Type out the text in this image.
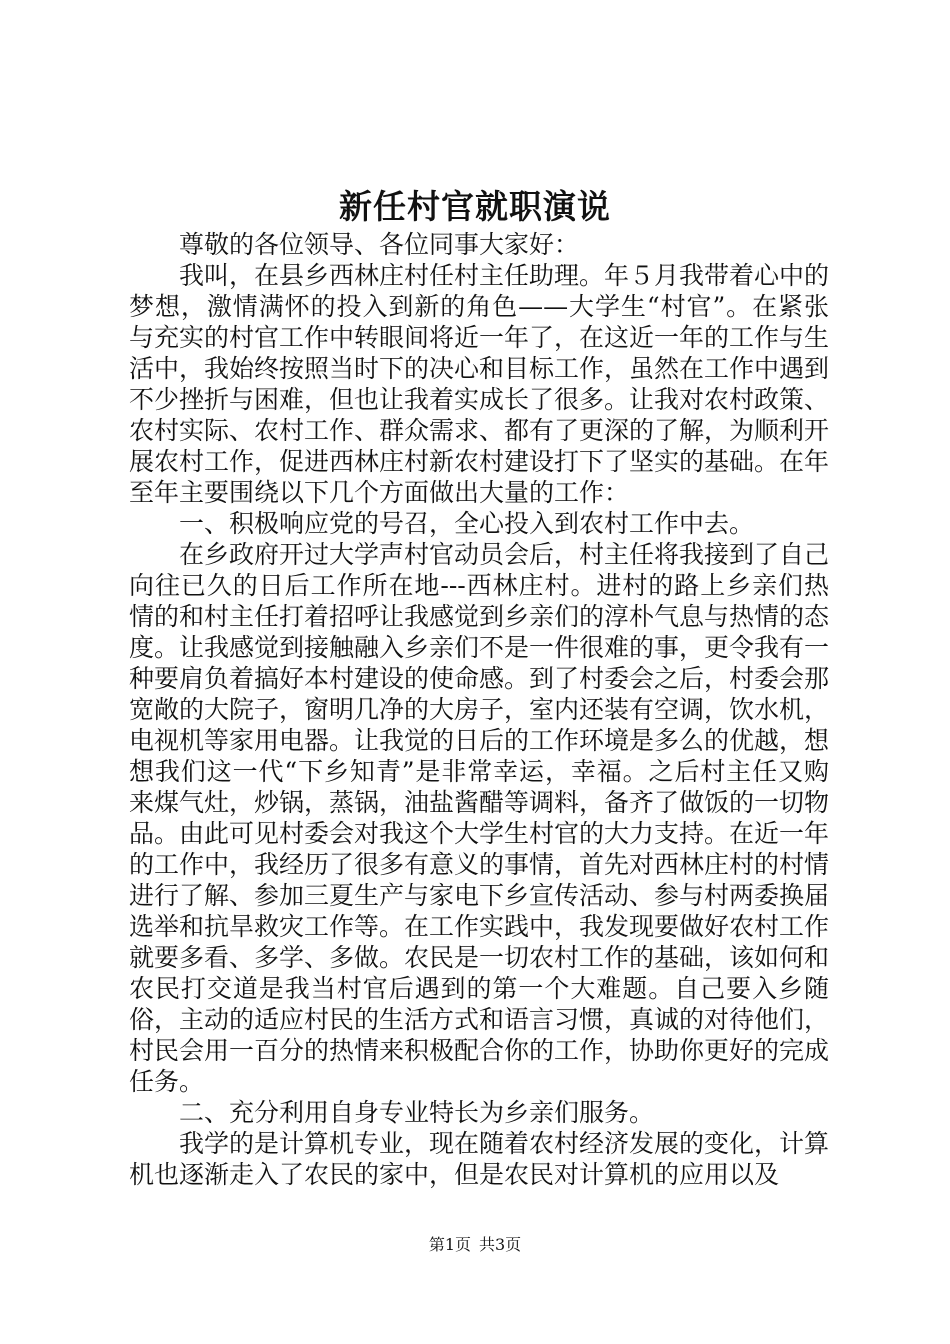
新任村官就职演说

尊敬的各位领导、各位同事大家好：

我叫，在县乡西林庄村任村主任助理。年５月我带着心中的梦想，激情满怀的投入到新的角色——大学生“村官”。在紧张与充实的村官工作中转眼间将近一年了，在这近一年的工作与生活中，我始终按照当时下的决心和目标工作，虽然在工作中遇到不少挫折与困难，但也让我着实成长了很多。让我对农村政策、农村实际、农村工作、群众需求、都有了更深的了解，为顺利开展农村工作，促进西林庄村新农村建设打下了坚实的基础。在年至年主要围绕以下几个方面做出大量的工作：

一、积极响应党的号召，全心投入到农村工作中去。

在乡政府开过大学声村官动员会后，村主任将我接到了自己向往已久的日后工作所在地---西林庄村。进村的路上乡亲们热情的和村主任打着招呼让我感觉到乡亲们的淳朴气息与热情的态度。让我感觉到接触融入乡亲们不是一件很难的事，更令我有一种要肩负着搞好本村建设的使命感。到了村委会之后，村委会那宽敞的大院子，窗明几净的大房子，室内还装有空调，饮水机，电视机等家用电器。让我觉的日后的工作环境是多么的优越，想想我们这一代“下乡知青”是非常幸运，幸福。之后村主任又购来煤气灶，炒锅，蒸锅，油盐酱醋等调料，备齐了做饭的一切物品。由此可见村委会对我这个大学生村官的大力支持。在近一年的工作中，我经历了很多有意义的事情，首先对西林庄村的村情进行了解、参加三夏生产与家电下乡宣传活动、参与村两委换届选举和抗旱救灾工作等。在工作实践中，我发现要做好农村工作就要多看、多学、多做。农民是一切农村工作的基础，该如何和农民打交道是我当村官后遇到的第一个大难题。自己要入乡随俗，主动的适应村民的生活方式和语言习惯，真诚的对待他们，村民会用一百分的热情来积极配合你的工作，协助你更好的完成任务。

二、充分利用自身专业特长为乡亲们服务。

我学的是计算机专业，现在随着农村经济发展的变化，计算机也逐渐走入了农民的家中，但是农民对计算机的应用以及

第1页 共3页
